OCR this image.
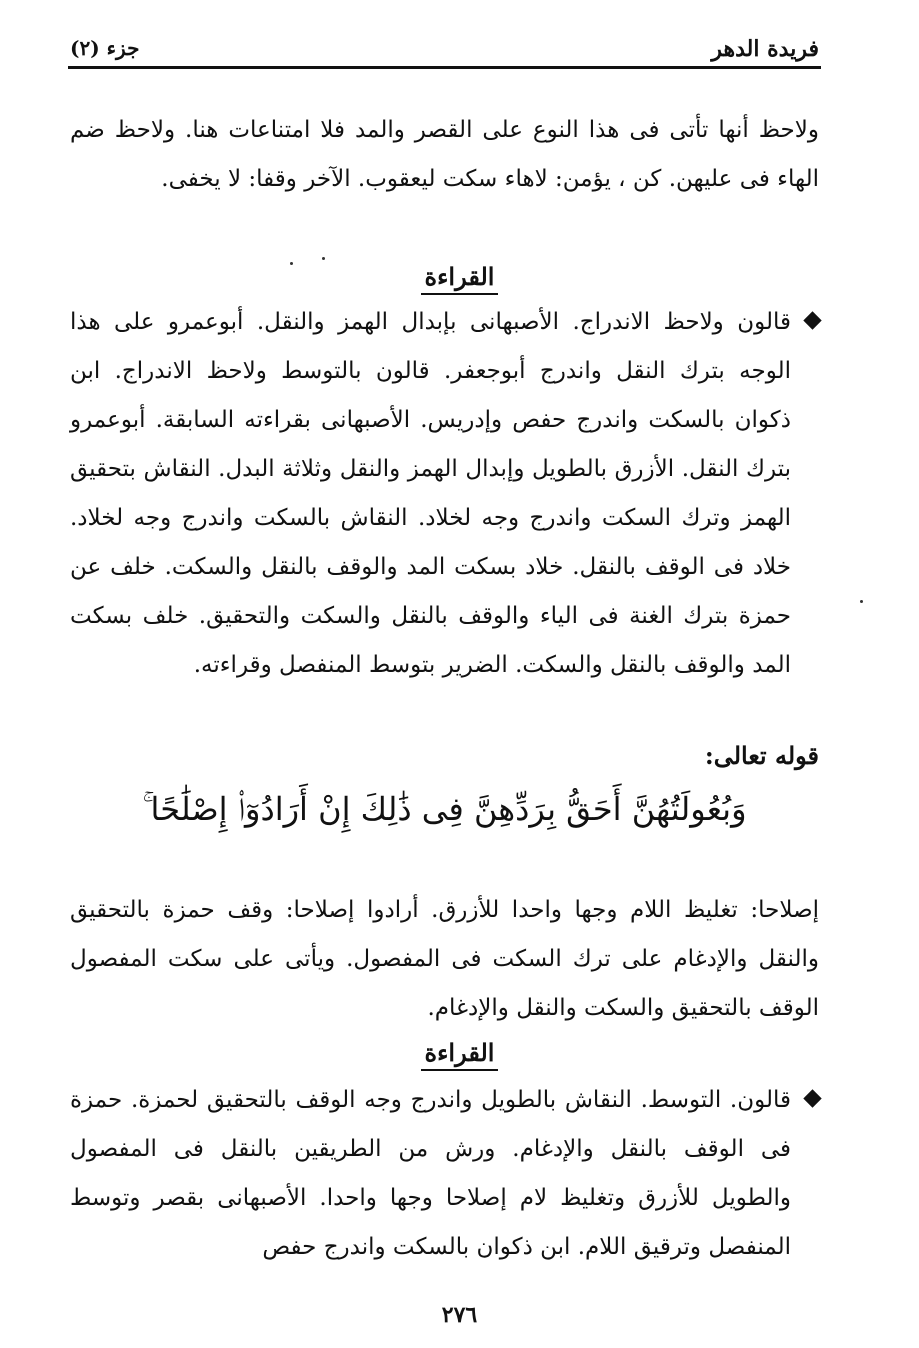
فريدة الدهر
جزء (٢)

ولاحظ أنها تأتى فى هذا النوع على القصر والمد فلا امتناعات هنا. ولاحظ ضم الهاء فى عليهن. كن ، يؤمن: لاهاء سكت ليعقوب. الآخر وقفا: لا يخفى.

القراءة

قالون ولاحظ الاندراج. الأصبهانى بإبدال الهمز والنقل. أبوعمرو على هذا الوجه بترك النقل واندرج أبوجعفر. قالون بالتوسط ولاحظ الاندراج. ابن ذكوان بالسكت واندرج حفص وإدريس. الأصبهانى بقراءته السابقة. أبوعمرو بترك النقل. الأزرق بالطويل وإبدال الهمز والنقل وثلاثة البدل. النقاش بتحقيق الهمز وترك السكت واندرج وجه لخلاد. النقاش بالسكت واندرج وجه لخلاد. خلاد فى الوقف بالنقل. خلاد بسكت المد والوقف بالنقل والسكت. خلف عن حمزة بترك الغنة فى الياء والوقف بالنقل والسكت والتحقيق. خلف بسكت المد والوقف بالنقل والسكت. الضرير بتوسط المنفصل وقراءته.

قوله تعالى:
وَبُعُولَتُهُنَّ أَحَقُّ بِرَدِّهِنَّ فِى ذَٰلِكَ إِنْ أَرَادُوٓا۟ إِصْلَٰحًا ۚ

إصلاحا: تغليظ اللام وجها واحدا للأزرق. أرادوا إصلاحا: وقف حمزة بالتحقيق والنقل والإدغام على ترك السكت فى المفصول. ويأتى على سكت المفصول الوقف بالتحقيق والسكت والنقل والإدغام.

القراءة

قالون. التوسط. النقاش بالطويل واندرج وجه الوقف بالتحقيق لحمزة. حمزة فى الوقف بالنقل والإدغام. ورش من الطريقين بالنقل فى المفصول والطويل للأزرق وتغليظ لام إصلاحا وجها واحدا. الأصبهانى بقصر وتوسط المنفصل وترقيق اللام. ابن ذكوان بالسكت واندرج حفص

٢٧٦
